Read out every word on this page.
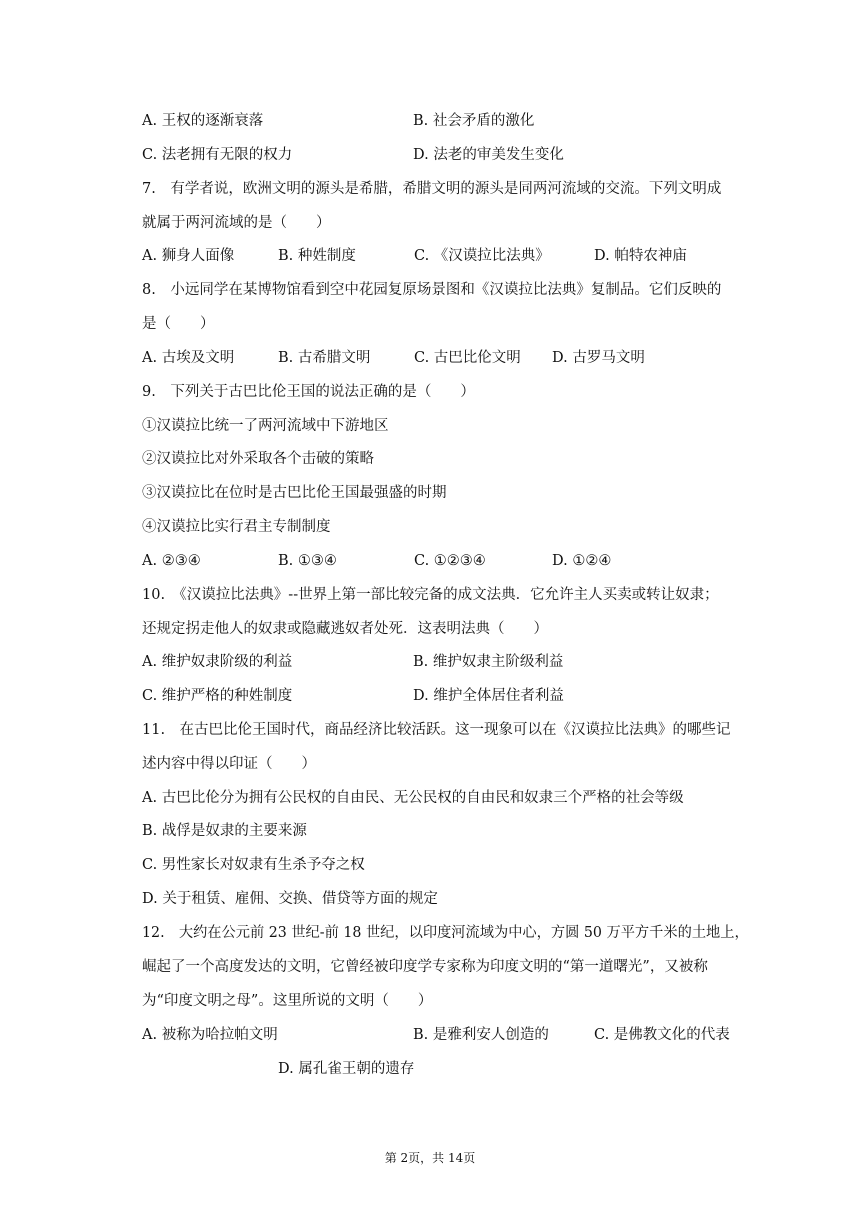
A. 王权的逐渐衰落	B. 社会矛盾的激化
C. 法老拥有无限的权力	D. 法老的审美发生变化
7.　有学者说，欧洲文明的源头是希腊，希腊文明的源头是同两河流域的交流。下列文明成
就属于两河流域的是（　　）
A. 狮身人面像	B. 种姓制度	C. 《汉谟拉比法典》	D. 帕特农神庙
8.　小远同学在某博物馆看到空中花园复原场景图和《汉谟拉比法典》复制品。它们反映的
是（　　）
A. 古埃及文明	B. 古希腊文明	C. 古巴比伦文明 D. 古罗马文明
9.　下列关于古巴比伦王国的说法正确的是（　　）
①汉谟拉比统一了两河流域中下游地区
②汉谟拉比对外采取各个击破的策略
③汉谟拉比在位时是古巴比伦王国最强盛的时期
④汉谟拉比实行君主专制制度
A. ②③④	B. ①③④	C. ①②③④	D. ①②④
10.　《汉谟拉比法典》--世界上第一部比较完备的成文法典．它允许主人买卖或转让奴隶；
还规定拐走他人的奴隶或隐藏逃奴者处死．这表明法典（　　）
A. 维护奴隶阶级的利益	B. 维护奴隶主阶级利益
C. 维护严格的种姓制度	D. 维护全体居住者利益
11.　在古巴比伦王国时代，商品经济比较活跃。这一现象可以在《汉谟拉比法典》的哪些记
述内容中得以印证（　　）
A. 古巴比伦分为拥有公民权的自由民、无公民权的自由民和奴隶三个严格的社会等级
B. 战俘是奴隶的主要来源
C. 男性家长对奴隶有生杀予夺之权
D. 关于租赁、雇佣、交换、借贷等方面的规定
12.　大约在公元前 23 世纪-前 18 世纪，以印度河流域为中心，方圆 50 万平方千米的土地上，
崛起了一个高度发达的文明，它曾经被印度学专家称为印度文明的“第一道曙光”，又被称
为“印度文明之母”。这里所说的文明（　　）
A. 被称为哈拉帕文明	B. 是雅利安人创造的	C. 是佛教文化的代表
D. 属孔雀王朝的遗存
第 2页，共 14页
